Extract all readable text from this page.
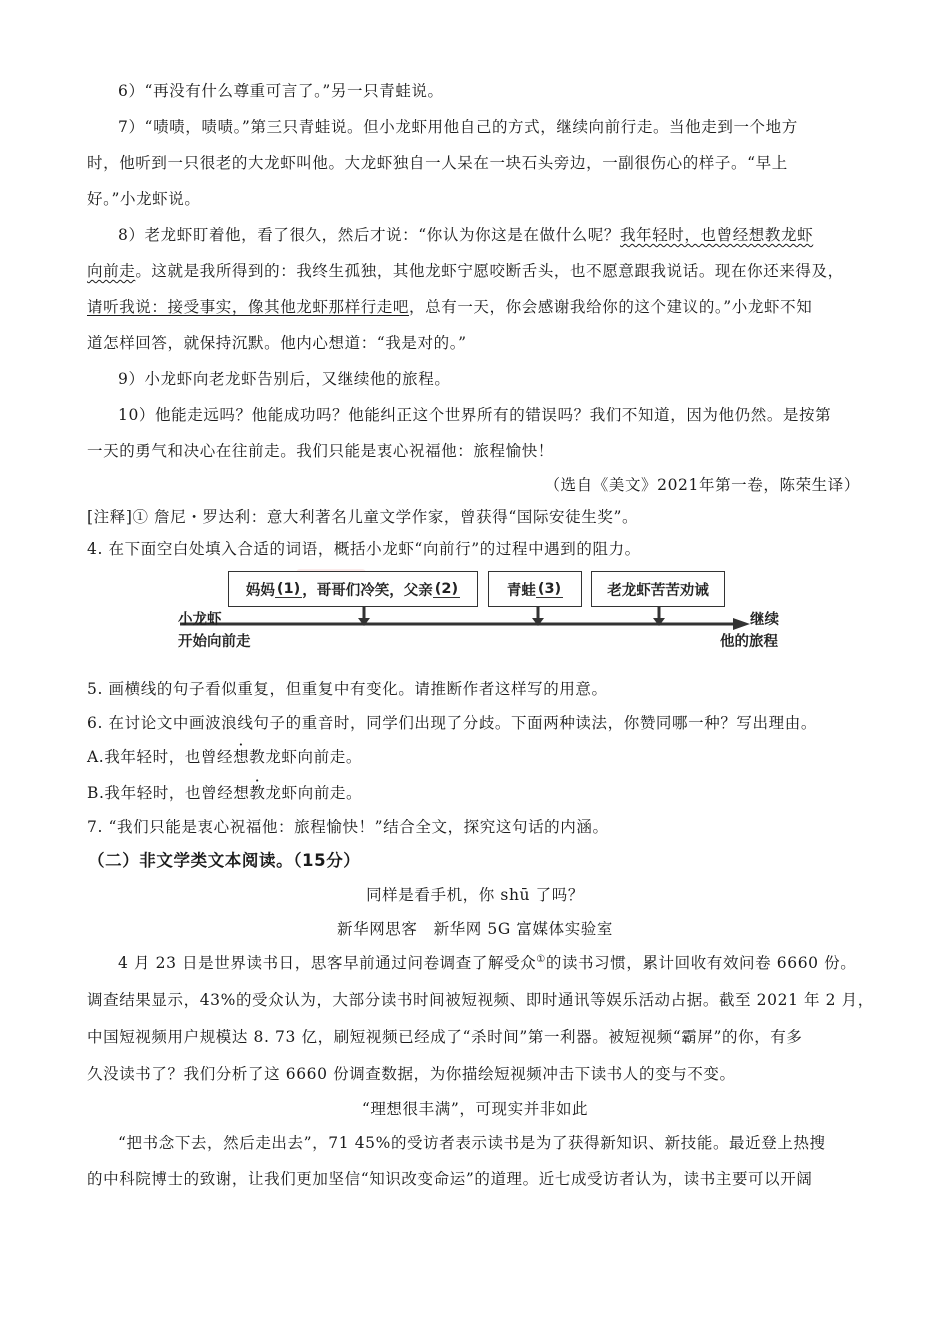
6）“再没有什么尊重可言了。”另一只青蛙说。
7）“啧啧，啧啧。”第三只青蛙说。但小龙虾用他自己的方式，继续向前行走。当他走到一个地方
时，他听到一只很老的大龙虾叫他。大龙虾独自一人呆在一块石头旁边，一副很伤心的样子。“早上
好。”小龙虾说。
8）老龙虾盯着他，看了很久，然后才说：“你认为你这是在做什么呢？我年轻时，也曾经想教龙虾
向前走。这就是我所得到的：我终生孤独，其他龙虾宁愿咬断舌头，也不愿意跟我说话。现在你还来得及，
请听我说：接受事实，像其他龙虾那样行走吧，总有一天，你会感谢我给你的这个建议的。”小龙虾不知
道怎样回答，就保持沉默。他内心想道：“我是对的。”
9）小龙虾向老龙虾告别后，又继续他的旅程。
10）他能走远吗？他能成功吗？他能纠正这个世界所有的错误吗？我们不知道，因为他仍然。是按第
一天的勇气和决心在往前走。我们只能是衷心祝福他：旅程愉快！
（选自《美文》2021年第一卷，陈荣生译）
[注释]① 詹尼・罗达利：意大利著名儿童文学作家，曾获得“国际安徒生奖”。
4. 在下面空白处填入合适的词语，概括小龙虾“向前行”的过程中遇到的阻力。
妈妈 (1) ，哥哥们冷笑，父亲 (2)	青蛙 (3)	老龙虾苦苦劝诫
小龙虾
开始向前走
继续
他的旅程
5. 画横线的句子看似重复，但重复中有变化。请推断作者这样写的用意。
6. 在讨论文中画波浪线句子的重音时，同学们出现了分歧。下面两种读法，你赞同哪一种？写出理由。
A.我年轻时，也曾经想教龙虾向前走。
B.我年轻时，也曾经想教龙虾向前走。
7. “我们只能是衷心祝福他：旅程愉快！”结合全文，探究这句话的内涵。
（二）非文学类文本阅读。（15分）
同样是看手机，你 shū 了吗？
新华网思客　新华网 5G 富媒体实验室
4 月 23 日是世界读书日，思客早前通过问卷调查了解受众①的读书习惯，累计回收有效问卷 6660 份。
调查结果显示，43%的受众认为，大部分读书时间被短视频、即时通讯等娱乐活动占据。截至 2021 年 2 月，
中国短视频用户规模达 8. 73 亿，刷短视频已经成了“杀时间”第一利器。被短视频“霸屏”的你，有多
久没读书了？我们分析了这 6660 份调查数据，为你描绘短视频冲击下读书人的变与不变。
“理想很丰满”，可现实并非如此
“把书念下去，然后走出去”，71 45%的受访者表示读书是为了获得新知识、新技能。最近登上热搜
的中科院博士的致谢，让我们更加坚信“知识改变命运”的道理。近七成受访者认为，读书主要可以开阔
